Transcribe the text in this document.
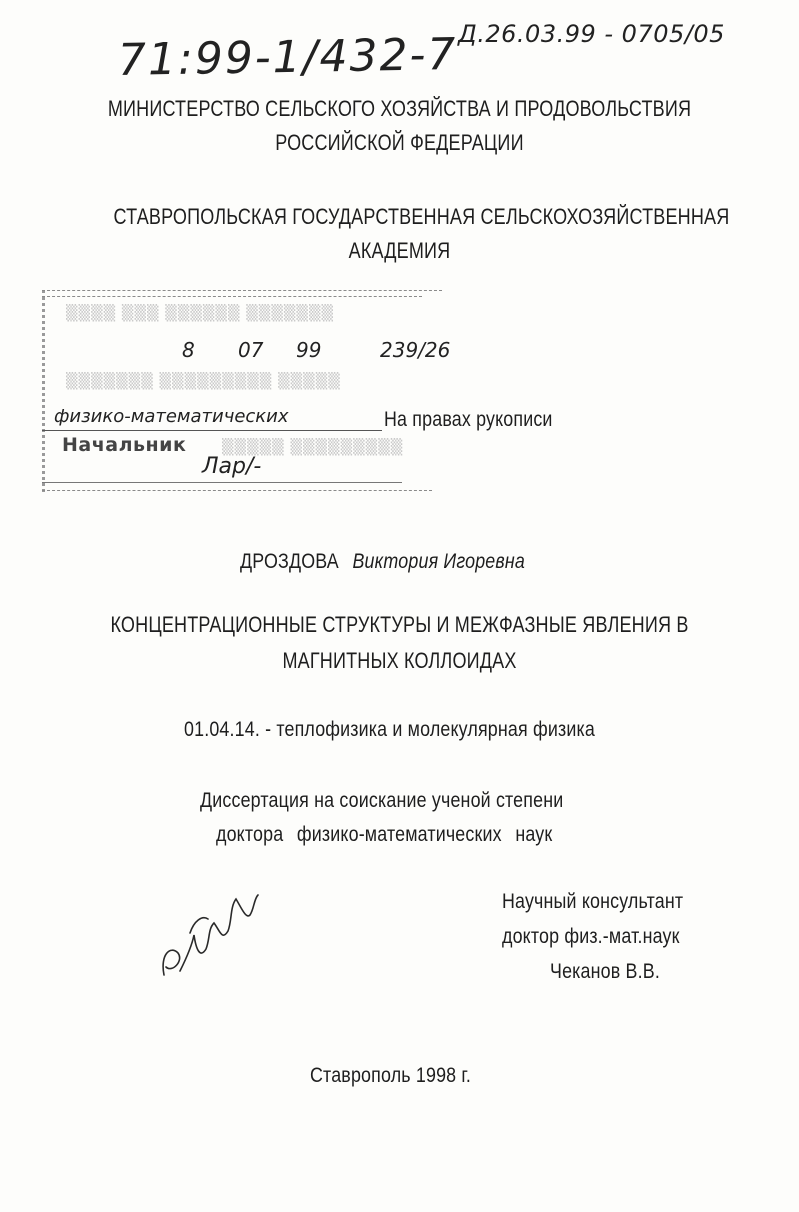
71:99-1/432-7 Д.26.03.99 - 0705/05
МИНИСТЕРСТВО СЕЛЬСКОГО ХОЗЯЙСТВА И ПРОДОВОЛЬСТВИЯ
РОССИЙСКОЙ ФЕДЕРАЦИИ
СТАВРОПОЛЬСКАЯ ГОСУДАРСТВЕННАЯ СЕЛЬСКОХОЗЯЙСТВЕННАЯ
АКАДЕМИЯ
▒▒▒▒ ▒▒▒ ▒▒▒▒▒▒ ▒▒▒▒▒▒▒
▒▒▒▒▒▒▒ ▒▒▒▒▒▒▒▒▒ ▒▒▒▒▒
▒▒▒▒▒ ▒▒▒▒▒▒▒▒▒
8 07 99	239/26
физико-математических
Начальник
Лар/-
На правах рукописи
ДРОЗДОВА Виктория Игоревна
КОНЦЕНТРАЦИОННЫЕ СТРУКТУРЫ И МЕЖФАЗНЫЕ ЯВЛЕНИЯ В
МАГНИТНЫХ КОЛЛОИДАХ
01.04.14. - теплофизика и молекулярная физика
Диссертация на соискание ученой степени
доктора физико-математических наук
Научный консультант
доктор физ.-мат.наук
Чеканов В.В.
Ставрополь 1998 г.
